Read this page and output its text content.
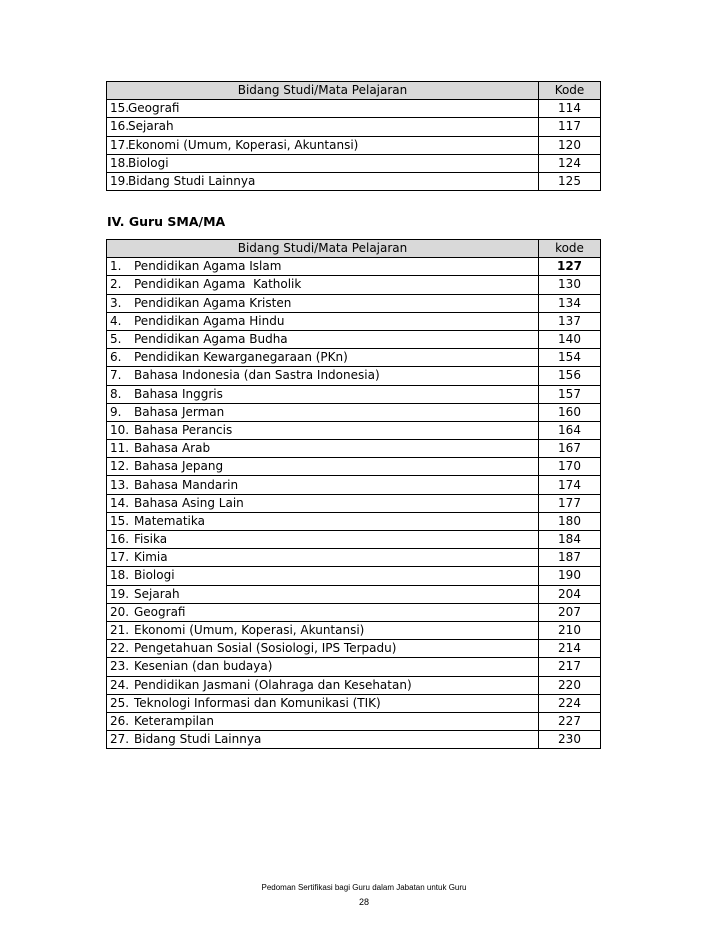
Bidang Studi/Mata Pelajaran	Kode
15.Geografi	114
16.Sejarah	117
17.Ekonomi (Umum, Koperasi, Akuntansi)	120
18.Biologi	124
19.Bidang Studi Lainnya	125
IV. Guru SMA/MA
Bidang Studi/Mata Pelajaran	kode
1. Pendidikan Agama Islam	127
2. Pendidikan Agama  Katholik	130
3. Pendidikan Agama Kristen	134
4. Pendidikan Agama Hindu	137
5. Pendidikan Agama Budha	140
6. Pendidikan Kewarganegaraan (PKn)	154
7. Bahasa Indonesia (dan Sastra Indonesia)	156
8. Bahasa Inggris	157
9. Bahasa Jerman	160
10. Bahasa Perancis	164
11. Bahasa Arab	167
12. Bahasa Jepang	170
13. Bahasa Mandarin	174
14. Bahasa Asing Lain	177
15. Matematika	180
16. Fisika	184
17. Kimia	187
18. Biologi	190
19. Sejarah	204
20. Geografi	207
21. Ekonomi (Umum, Koperasi, Akuntansi)	210
22. Pengetahuan Sosial (Sosiologi, IPS Terpadu)	214
23. Kesenian (dan budaya)	217
24. Pendidikan Jasmani (Olahraga dan Kesehatan)	220
25. Teknologi Informasi dan Komunikasi (TIK)	224
26. Keterampilan	227
27. Bidang Studi Lainnya	230
Pedoman Sertifikasi bagi Guru dalam Jabatan untuk Guru
28
